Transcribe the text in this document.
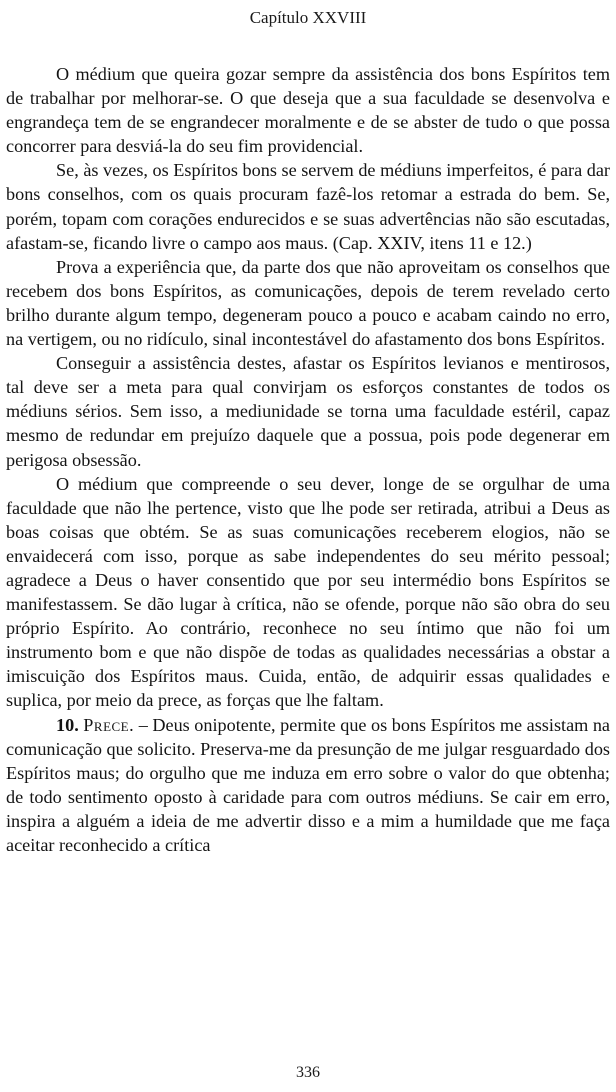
Capítulo XXVIII

O médium que queira gozar sempre da assistência dos bons Espíritos tem de trabalhar por melhorar-se. O que deseja que a sua faculdade se desenvolva e engrandeça tem de se engrandecer moralmente e de se abster de tudo o que possa concorrer para desviá-la do seu fim providencial.

Se, às vezes, os Espíritos bons se servem de médiuns imperfeitos, é para dar bons conselhos, com os quais procuram fazê-los retomar a estrada do bem. Se, porém, topam com corações endurecidos e se suas advertências não são escutadas, afastam-se, ficando livre o campo aos maus. (Cap. XXIV, itens 11 e 12.)

Prova a experiência que, da parte dos que não aproveitam os conselhos que recebem dos bons Espíritos, as comunicações, depois de terem revelado certo brilho durante algum tempo, degeneram pouco a pouco e acabam caindo no erro, na vertigem, ou no ridículo, sinal incontestável do afastamento dos bons Espíritos.

Conseguir a assistência destes, afastar os Espíritos levianos e mentirosos, tal deve ser a meta para qual convirjam os esforços constantes de todos os médiuns sérios. Sem isso, a mediunidade se torna uma faculdade estéril, capaz mesmo de redundar em prejuízo daquele que a possua, pois pode degenerar em perigosa obsessão.

O médium que compreende o seu dever, longe de se orgulhar de uma faculdade que não lhe pertence, visto que lhe pode ser retirada, atribui a Deus as boas coisas que obtém. Se as suas comunicações receberem elogios, não se envaidecerá com isso, porque as sabe independentes do seu mérito pessoal; agradece a Deus o haver consentido que por seu intermédio bons Espíritos se manifestassem. Se dão lugar à crítica, não se ofende, porque não são obra do seu próprio Espírito. Ao contrário, reconhece no seu íntimo que não foi um instrumento bom e que não dispõe de todas as qualidades necessárias a obstar a imiscuição dos Espíritos maus. Cuida, então, de adquirir essas qualidades e suplica, por meio da prece, as forças que lhe faltam.

10. Prece. – Deus onipotente, permite que os bons Espíritos me assistam na comunicação que solicito. Preserva-me da presunção de me julgar resguardado dos Espíritos maus; do orgulho que me induza em erro sobre o valor do que obtenha; de todo sentimento oposto à caridade para com outros médiuns. Se cair em erro, inspira a alguém a ideia de me advertir disso e a mim a humildade que me faça aceitar reconhecido a crítica

336
